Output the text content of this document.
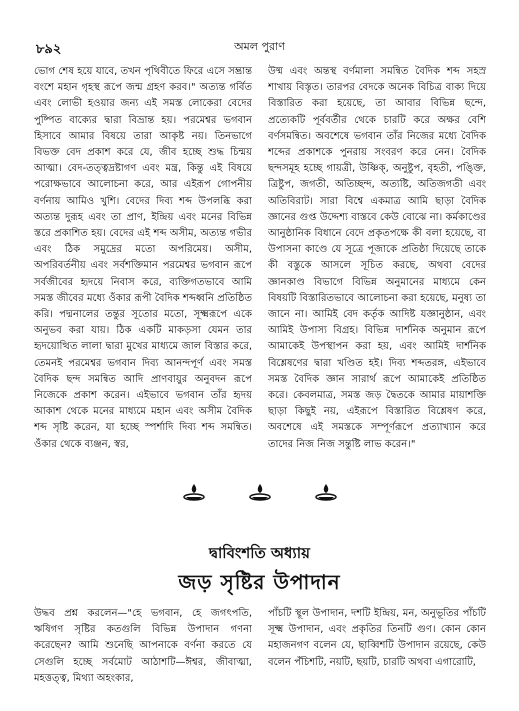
৮৯২	অমল পুরাণ

ভোগ শেষ হয়ে যাবে, তখন পৃথিবীতে ফিরে এসে সম্ভ্রান্ত বংশে মহান গৃহস্থ রূপে জন্ম গ্রহণ করব।" অত্যন্ত গর্বিত এবং লোভী হওয়ার জন্য এই সমস্ত লোকেরা বেদের পুষ্পিত বাক্যের দ্বারা বিভ্রান্ত হয়। পরমেশ্বর ভগবান হিসাবে আমার বিষয়ে তারা আকৃষ্ট নয়। তিনভাগে বিভক্ত বেদ প্রকাশ করে যে, জীব হচ্ছে শুদ্ধ চিন্ময় আত্মা। বেদ-তত্ত্বদ্রষ্টাগণ এবং মন্ত্র, কিন্তু এই বিষয়ে পরোক্ষভাবে আলোচনা করে, আর এইরূপ গোপনীয় বর্ণনায় আমিও খুশি। বেদের দিব্য শব্দ উপলব্ধি করা অত্যন্ত দুরূহ এবং তা প্রাণ, ইন্দ্রিয় এবং মনের বিভিন্ন স্তরে প্রকাশিত হয়। বেদের এই শব্দ অসীম, অত্যন্ত গভীর এবং ঠিক সমুদ্রের মতো অপরিমেয়। অসীম, অপরিবর্তনীয় এবং সর্বশক্তিমান পরমেশ্বর ভগবান রূপে সর্বজীবের হৃদয়ে নিবাস করে, ব্যক্তিগতভাবে আমি সমস্ত জীবের মধ্যে ওঁকার রূপী বৈদিক শব্দধ্বনি প্রতিষ্ঠিত করি। পদ্মনালের তন্তুর সূতোর মতো, সূক্ষ্মরূপে একে অনুভব করা যায়। ঠিক একটি মাকড়সা যেমন তার হৃদয়োত্থিত লালা দ্বারা মুখের মাধ্যমে জাল বিস্তার করে, তেমনই পরমেশ্বর ভগবান দিব্য আনন্দপূর্ণ এবং সমস্ত বৈদিক ছন্দ সমন্বিত আদি প্রাণবায়ুর অনুবদন রূপে নিজেকে প্রকাশ করেন। এইভাবে ভগবান তাঁর হৃদয় আকাশ থেকে মনের মাধ্যমে মহান এবং অসীম বৈদিক শব্দ সৃষ্টি করেন, যা হচ্ছে স্পর্শাদি দিব্য শব্দ সমন্বিত। ওঁকার থেকে ব্যঞ্জন, স্বর,

উষ্ম এবং অন্তস্থ বর্ণমালা সমন্বিত বৈদিক শব্দ সহস্র শাখায় বিস্তৃত। তারপর বেদকে অনেক বিচিত্র বাক্য দিয়ে বিস্তারিত করা হয়েছে, তা আবার বিভিন্ন ছন্দে, প্রত্যেকটি পূর্ববর্তীর থেকে চারটি করে অক্ষর বেশি বর্ণসমন্বিত। অবশেষে ভগবান তাঁর নিজের মধ্যে বৈদিক শব্দের প্রকাশকে পুনরায় সংবরণ করে নেন। বৈদিক ছন্দসমূহ হচ্ছে গায়ত্রী, উষ্ণিক্, অনুষ্টুপ, বৃহতী, পঙ্ক্তি, ত্রিষ্টুপ, জগতী, অতিচ্ছন্দ, অত্যষ্টি, অতিজগতী এবং অতিবিরাট। সারা বিশ্বে একমাত্র আমি ছাড়া বৈদিক জ্ঞানের গুপ্ত উদ্দেশ্য বাস্তবে কেউ বোঝে না। কর্মকাণ্ডের আনুষ্ঠানিক বিধানে বেদে প্রকৃতপক্ষে কী বলা হয়েছে, বা উপাসনা কাণ্ডে যে সূত্রে পূজাকে প্রতিষ্ঠা দিয়েছে তাকে কী বস্তুকে আসলে সূচিত করছে, অথবা বেদের জ্ঞানকাণ্ড বিভাগে বিভিন্ন অনুমানের মাধ্যমে কেন বিষয়টি বিস্তারিতভাবে আলোচনা করা হয়েছে, মনুষ্য তা জানে না। আমিই বেদ কর্তৃক আদিষ্ট যজ্ঞানুষ্ঠান, এবং আমিই উপাস্য বিগ্রহ। বিভিন্ন দার্শনিক অনুমান রূপে আমাকেই উপস্থাপন করা হয়, এবং আমিই দার্শনিক বিশ্লেষণের দ্বারা খণ্ডিত হই। দিব্য শব্দতরঙ্গ, এইভাবে সমস্ত বৈদিক জ্ঞান সারার্থ রূপে আমাকেই প্রতিষ্ঠিত করে। কেবলমাত্র, সমস্ত জড় দ্বৈতকে আমার মায়াশক্তি ছাড়া কিছুই নয়, এইরূপে বিস্তারিত বিশ্লেষণ করে, অবশেষে এই সমস্তকে সম্পূর্ণরূপে প্রত্যাখ্যান করে তাদের নিজ নিজ সন্তুষ্টি লাভ করেন।"

দ্বাবিংশতি অধ্যায়
জড় সৃষ্টির উপাদান

উদ্ধব প্রশ্ন করলেন—"হে ভগবান, হে জগৎপতি, ঋষিগণ সৃষ্টির কতগুলি বিভিন্ন উপাদান গণনা করেছেন? আমি শুনেছি আপনাকে বর্ণনা করতে যে সেগুলি হচ্ছে সর্বমোট আঠাশটি—ঈশ্বর, জীবাত্মা, মহত্তত্ত্ব, মিথ্যা অহংকার,

পাঁচটি স্থূল উপাদান, দশটি ইন্দ্রিয়, মন, অনুভূতির পাঁচটি সূক্ষ্ম উপাদান, এবং প্রকৃতির তিনটি গুণ। কোন কোন মহাজনগণ বলেন যে, ছাব্বিশটি উপাদান রয়েছে, কেউ বলেন পঁচিশটি, নয়টি, ছয়টি, চারটি অথবা এগারোটি,
